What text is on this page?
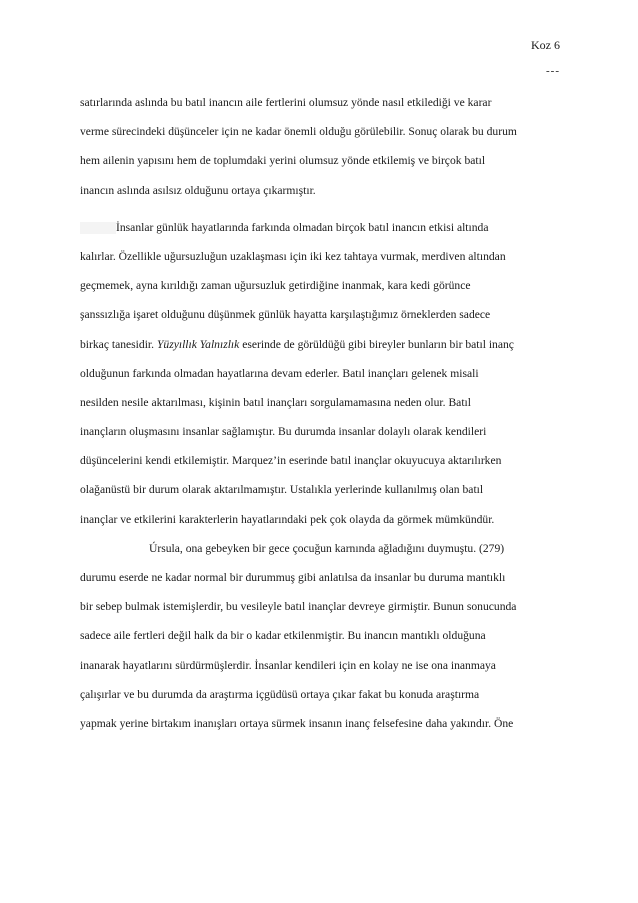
Koz 6
---
satırlarında aslında bu batıl inancın aile fertlerini olumsuz yönde nasıl etkilediği ve karar
verme sürecindeki düşünceler için ne kadar önemli olduğu görülebilir. Sonuç olarak bu durum
hem ailenin yapısını hem de toplumdaki yerini olumsuz yönde etkilemiş ve birçok batıl
inancın aslında asılsız olduğunu ortaya çıkarmıştır.
İnsanlar günlük hayatlarında farkında olmadan birçok batıl inancın etkisi altında
kalırlar. Özellikle uğursuzluğun uzaklaşması için iki kez tahtaya vurmak, merdiven altından
geçmemek, ayna kırıldığı zaman uğursuzluk getirdiğine inanmak, kara kedi görünce
şanssızlığa işaret olduğunu düşünmek günlük hayatta karşılaştığımız örneklerden sadece
birkaç tanesidir. Yüzyıllık Yalnızlık eserinde de görüldüğü gibi bireyler bunların bir batıl inanç
olduğunun farkında olmadan hayatlarına devam ederler. Batıl inançları gelenek misali
nesilden nesile aktarılması, kişinin batıl inançları sorgulamamasına neden olur. Batıl
inançların oluşmasını insanlar sağlamıştır. Bu durumda insanlar dolaylı olarak kendileri
düşüncelerini kendi etkilemiştir. Marquez’in eserinde batıl inançlar okuyucuya aktarılırken
olağanüstü bir durum olarak aktarılmamıştır. Ustalıkla yerlerinde kullanılmış olan batıl
inançlar ve etkilerini karakterlerin hayatlarındaki pek çok olayda da görmek mümkündür.
Úrsula, ona gebeyken bir gece çocuğun karnında ağladığını duymuştu. (279)
durumu eserde ne kadar normal bir durummuş gibi anlatılsa da insanlar bu duruma mantıklı
bir sebep bulmak istemişlerdir, bu vesileyle batıl inançlar devreye girmiştir. Bunun sonucunda
sadece aile fertleri değil halk da bir o kadar etkilenmiştir. Bu inancın mantıklı olduğuna
inanarak hayatlarını sürdürmüşlerdir. İnsanlar kendileri için en kolay ne ise ona inanmaya
çalışırlar ve bu durumda da araştırma içgüdüsü ortaya çıkar fakat bu konuda araştırma
yapmak yerine birtakım inanışları ortaya sürmek insanın inanç felsefesine daha yakındır. Öne
